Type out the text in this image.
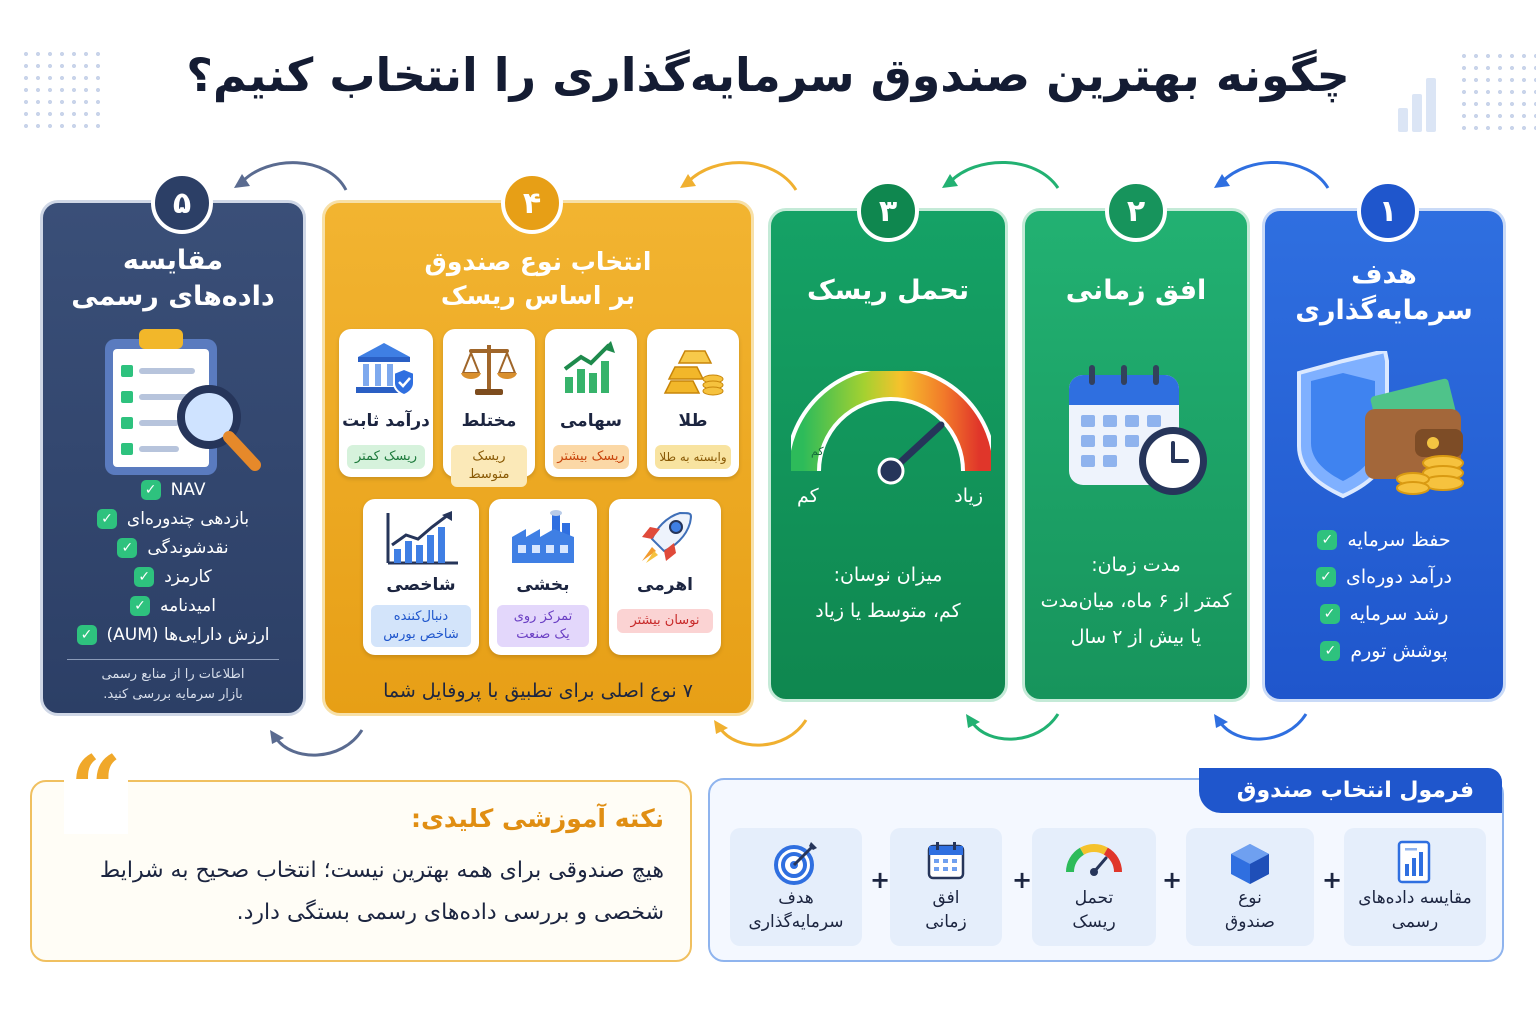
چگونه بهترین صندوق سرمایه‌گذاری را انتخاب کنیم؟
۱
۲
۳
۴
۵
هدف
سرمایه‌گذاری
حفظ سرمایه
✓
درآمد دوره‌ای
✓
رشد سرمایه
✓
پوشش تورم
✓
افق زمانی
مدت زمان:
کمتر از ۶ ماه، میان‌مدت
یا بیش از ۲ سال
تحمل ریسک
کم
کم	زیاد
میزان نوسان:
کم، متوسط یا زیاد
انتخاب نوع صندوق
بر اساس ریسک
درآمد ثابت
ریسک کمتر
مختلط
ریسک متوسط
سهامی
ریسک بیشتر
طلا
وابسته به طلا
شاخصی
دنبال‌کننده
شاخص بورس
بخشی
تمرکز روی
یک صنعت
اهرمی
نوسان بیشتر
۷ نوع اصلی برای تطبیق با پروفایل شما
مقایسه
داده‌های رسمی
NAV
✓
بازدهی چندوره‌ای
✓
نقدشوندگی
✓
کارمزد
✓
امیدنامه
✓
ارزش دارایی‌ها (AUM)
✓
اطلاعات را از منابع رسمی
بازار سرمایه بررسی کنید.
نکته آموزشی کلیدی:
هیچ صندوقی برای همه بهترین نیست؛ انتخاب صحیح به شرایط شخصی و بررسی داده‌های رسمی بستگی دارد.
“	فرمول انتخاب صندوق
مقایسه داده‌های
رسمی
نوع
صندوق
تحمل
ریسک
افق
زمانی
هدف
سرمایه‌گذاری
+
+
+
+
